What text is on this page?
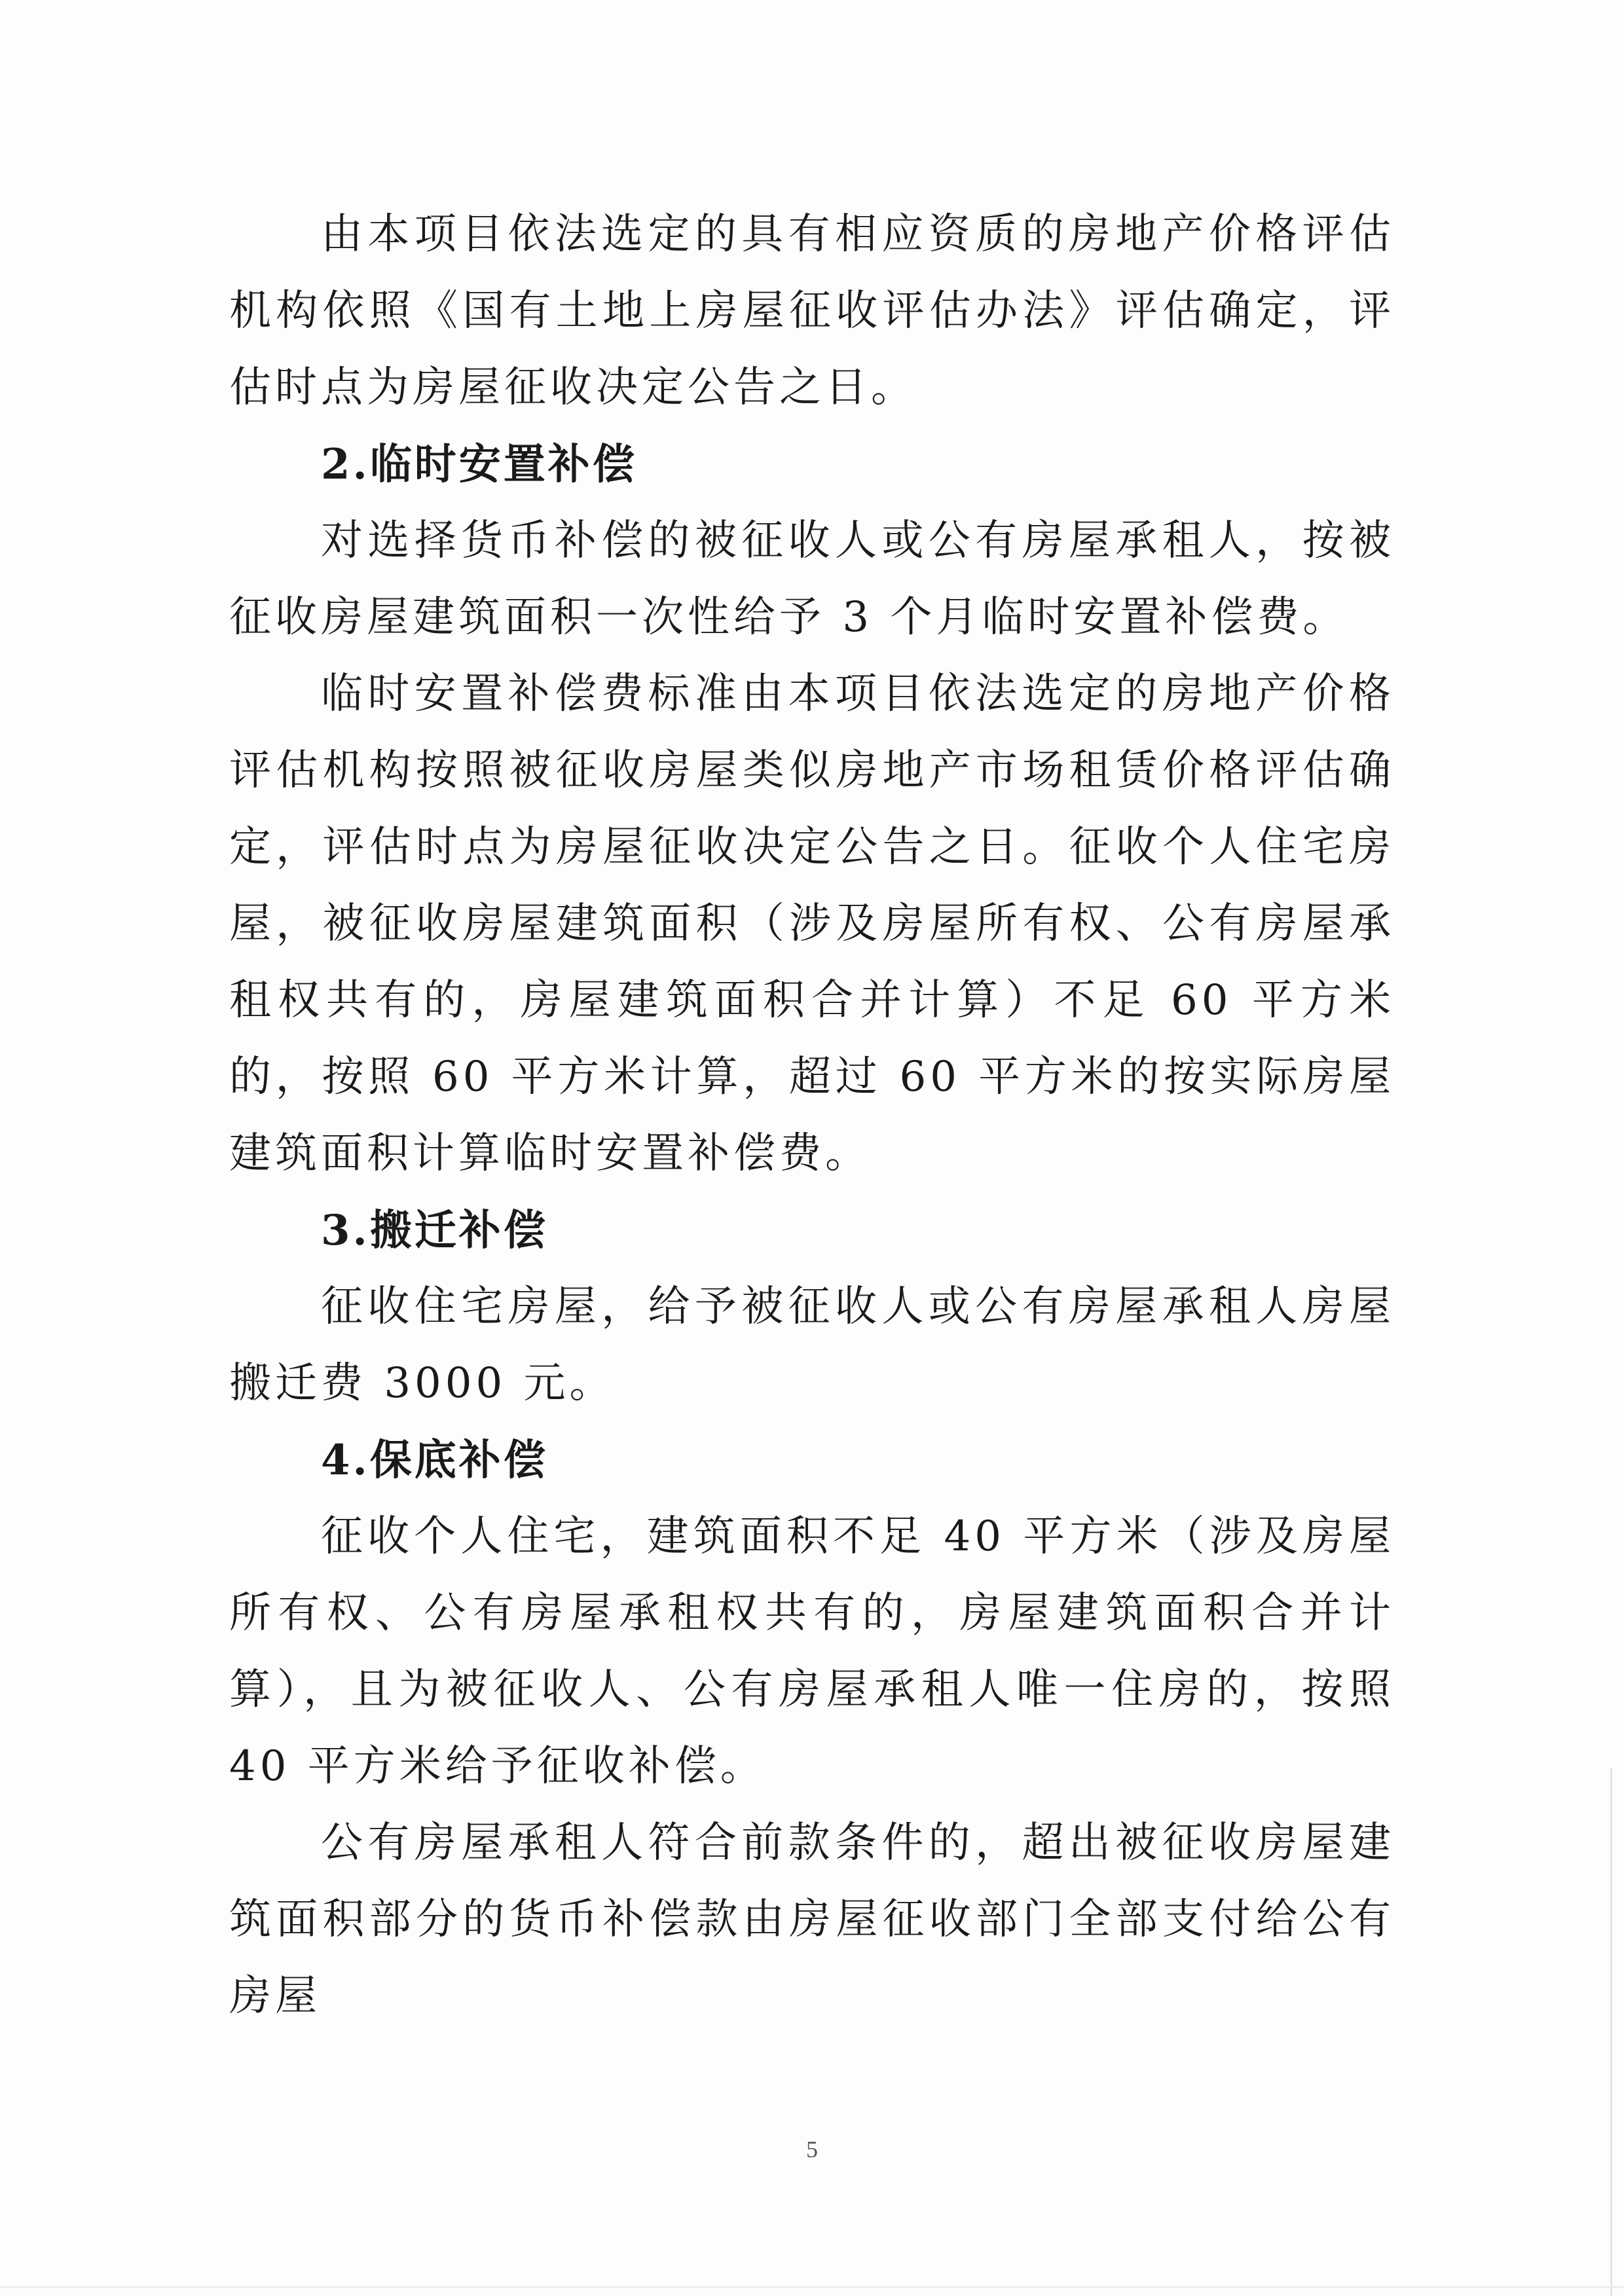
由本项目依法选定的具有相应资质的房地产价格评估机构依照《国有土地上房屋征收评估办法》评估确定，评估时点为房屋征收决定公告之日。

2.临时安置补偿

对选择货币补偿的被征收人或公有房屋承租人，按被征收房屋建筑面积一次性给予 3 个月临时安置补偿费。

临时安置补偿费标准由本项目依法选定的房地产价格评估机构按照被征收房屋类似房地产市场租赁价格评估确定，评估时点为房屋征收决定公告之日。征收个人住宅房屋，被征收房屋建筑面积（涉及房屋所有权、公有房屋承租权共有的，房屋建筑面积合并计算）不足 60 平方米的，按照 60 平方米计算，超过 60 平方米的按实际房屋建筑面积计算临时安置补偿费。

3.搬迁补偿

征收住宅房屋，给予被征收人或公有房屋承租人房屋搬迁费 3000 元。

4.保底补偿

征收个人住宅，建筑面积不足 40 平方米（涉及房屋所有权、公有房屋承租权共有的，房屋建筑面积合并计算），且为被征收人、公有房屋承租人唯一住房的，按照 40 平方米给予征收补偿。

公有房屋承租人符合前款条件的，超出被征收房屋建筑面积部分的货币补偿款由房屋征收部门全部支付给公有房屋

5
